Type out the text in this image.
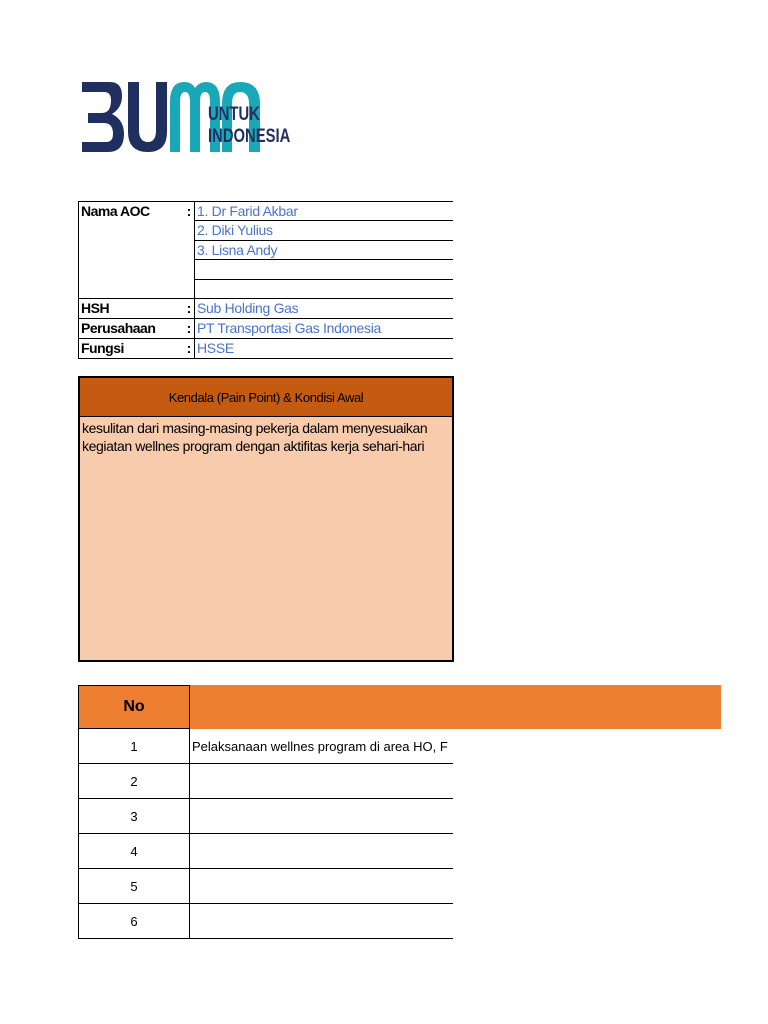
UNTUK
INDONESIA
Nama AOC	: 1. Dr Farid Akbar
2. Diki Yulius
3. Lisna Andy
HSH	: Sub Holding Gas
Perusahaan	: PT Transportasi Gas Indonesia
Fungsi	: HSSE
Kendala (Pain Point) & Kondisi Awal
kesulitan dari masing-masing pekerja dalam menyesuaikan kegiatan wellnes program dengan aktifitas kerja sehari-hari
No
1	Pelaksanaan wellnes program di area HO, F
2
3
4
5
6
